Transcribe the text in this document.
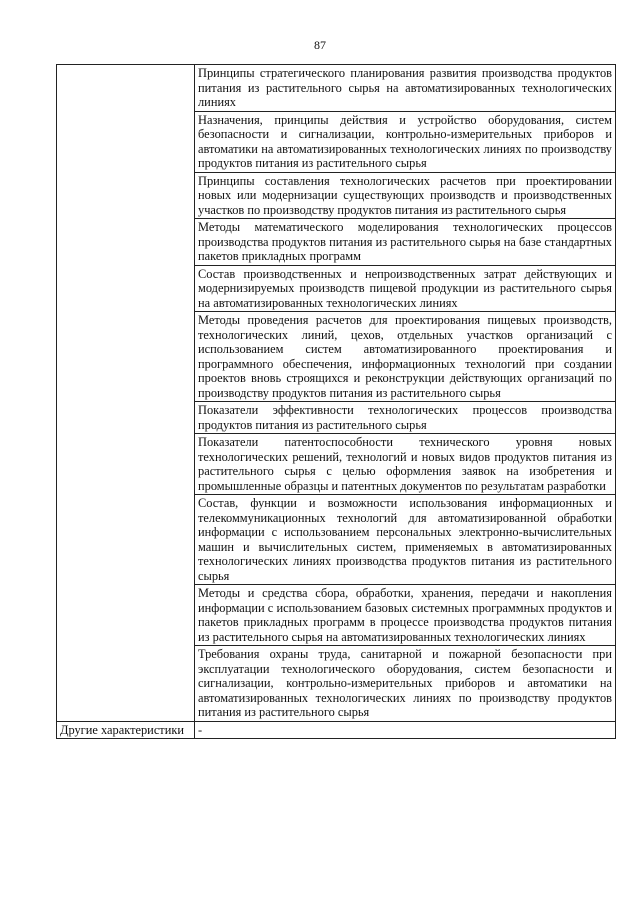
87
	Принципы стратегического планирования развития производства продуктов питания из растительного сырья на автоматизированных технологических линиях
	Назначения, принципы действия и устройство оборудования, систем безопасности и сигнализации, контрольно-измерительных приборов и автоматики на автоматизированных технологических линиях по производству продуктов питания из растительного сырья
	Принципы составления технологических расчетов при проектировании новых или модернизации существующих производств и производственных участков по производству продуктов питания из растительного сырья
	Методы математического моделирования технологических процессов производства продуктов питания из растительного сырья на базе стандартных пакетов прикладных программ
	Состав производственных и непроизводственных затрат действующих и модернизируемых производств пищевой продукции из растительного сырья на автоматизированных технологических линиях
	Методы проведения расчетов для проектирования пищевых производств, технологических линий, цехов, отдельных участков организаций с использованием систем автоматизированного проектирования и программного обеспечения, информационных технологий при создании проектов вновь строящихся и реконструкции действующих организаций по производству продуктов питания из растительного сырья
	Показатели эффективности технологических процессов производства продуктов питания из растительного сырья
	Показатели патентоспособности технического уровня новых технологических решений, технологий и новых видов продуктов питания из растительного сырья с целью оформления заявок на изобретения и промышленные образцы и патентных документов по результатам разработки
	Состав, функции и возможности использования информационных и телекоммуникационных технологий для автоматизированной обработки информации с использованием персональных электронно-вычислительных машин и вычислительных систем, применяемых в автоматизированных технологических линиях производства продуктов питания из растительного сырья
	Методы и средства сбора, обработки, хранения, передачи и накопления информации с использованием базовых системных программных продуктов и пакетов прикладных программ в процессе производства продуктов питания из растительного сырья на автоматизированных технологических линиях
	Требования охраны труда, санитарной и пожарной безопасности при эксплуатации технологического оборудования, систем безопасности и сигнализации, контрольно-измерительных приборов и автоматики на автоматизированных технологических линиях по производству продуктов питания из растительного сырья
Другие характеристики	-
